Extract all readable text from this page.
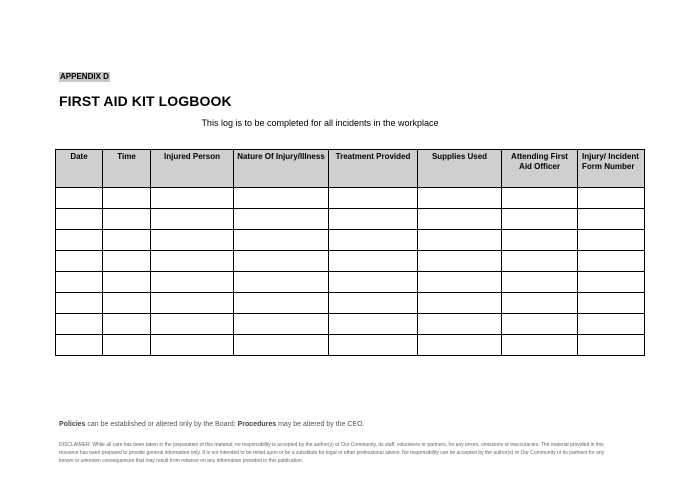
APPENDIX D
FIRST AID KIT LOGBOOK
This log is to be completed for all incidents in the workplace
Date	Time	Injured Person	Nature Of Injury/Illness	Treatment Provided	Supplies Used	Attending First Aid Officer	Injury/ Incident Form Number

Policies can be established or altered only by the Board: Procedures may be altered by the CEO.
DISCLAIMER: While all care has been taken in the preparation of this material, no responsibility is accepted by the author(s) or Our Community, its staff, volunteers or partners, for any errors, omissions or inaccuracies. The material provided in this resource has been prepared to provide general information only. It is not intended to be relied upon or be a substitute for legal or other professional advice. No responsibility can be accepted by the author(s) or Our Community or its partners for any known or unknown consequences that may result from reliance on any information provided in this publication.
